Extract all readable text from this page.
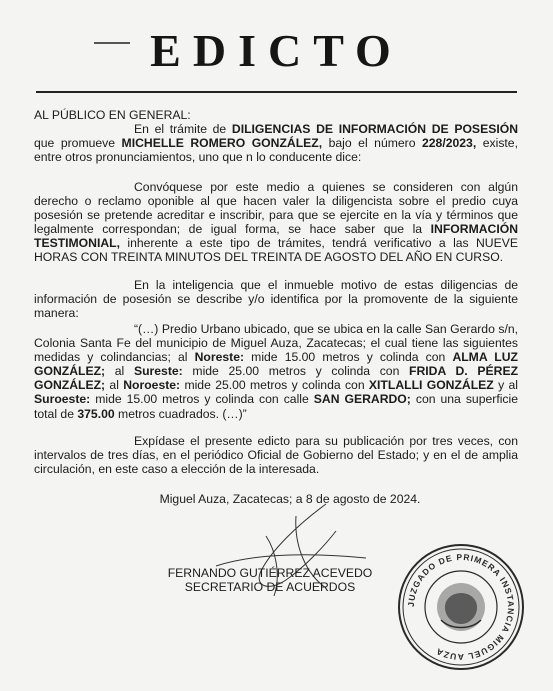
EDICTO
AL PÚBLICO EN GENERAL:
En el trámite de DILIGENCIAS DE INFORMACIÓN DE POSESIÓN que promueve MICHELLE ROMERO GONZÁLEZ, bajo el número 228/2023, existe, entre otros pronunciamientos, uno que n lo conducente dice:
Convóquese por este medio a quienes se consideren con algún derecho o reclamo oponible al que hacen valer la diligencista sobre el predio cuya posesión se pretende acreditar e inscribir, para que se ejercite en la vía y términos que legalmente correspondan; de igual forma, se hace saber que la INFORMACIÓN TESTIMONIAL, inherente a este tipo de trámites, tendrá verificativo a las NUEVE HORAS CON TREINTA MINUTOS DEL TREINTA DE AGOSTO DEL AÑO EN CURSO.
En la inteligencia que el inmueble motivo de estas diligencias de información de posesión se describe y/o identifica por la promovente de la siguiente manera:
“(…) Predio Urbano ubicado, que se ubica en la calle San Gerardo s/n, Colonia Santa Fe del municipio de Miguel Auza, Zacatecas; el cual tiene las siguientes medidas y colindancias; al Noreste: mide 15.00 metros y colinda con ALMA LUZ GONZÁLEZ; al Sureste: mide 25.00 metros y colinda con FRIDA D. PÉREZ GONZÁLEZ; al Noroeste: mide 25.00 metros y colinda con XITLALLI GONZÁLEZ y al Suroeste: mide 15.00 metros y colinda con calle SAN GERARDO; con una superficie total de 375.00 metros cuadrados. (…)”
Expídase el presente edicto para su publicación por tres veces, con intervalos de tres días, en el periódico Oficial de Gobierno del Estado; y en el de amplia circulación, en este caso a elección de la interesada.
Miguel Auza, Zacatecas; a 8 de agosto de 2024.
FERNANDO GUTIÉRREZ ACEVEDO
SECRETARIO DE ACUERDOS
JUZGADO DE PRIMERA INSTANCIA MIGUEL AUZA
